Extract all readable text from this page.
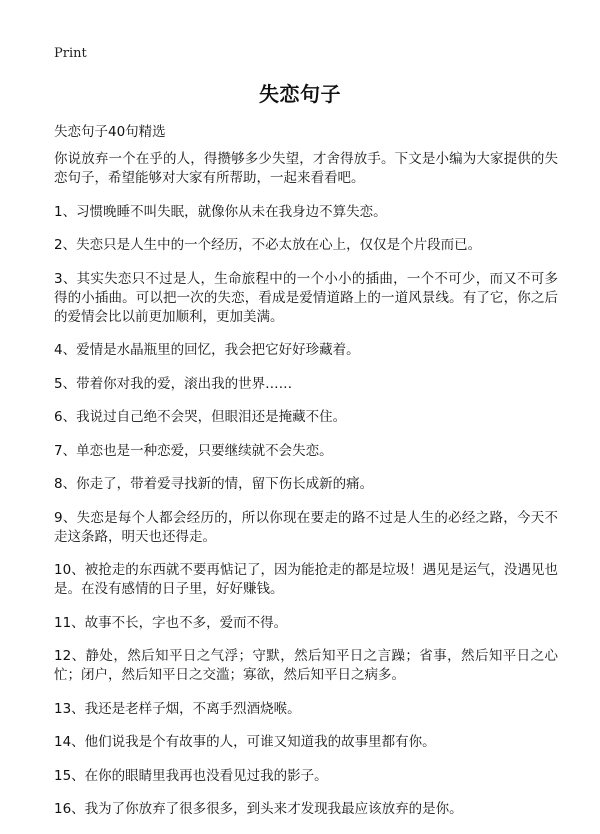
Print
失恋句子

失恋句子40句精选

你说放弃一个在乎的人，得攒够多少失望，才舍得放手。下文是小编为大家提供的失恋句子，希望能够对大家有所帮助，一起来看看吧。

1、习惯晚睡不叫失眠，就像你从未在我身边不算失恋。

2、失恋只是人生中的一个经历，不必太放在心上，仅仅是个片段而已。

3、其实失恋只不过是人，生命旅程中的一个小小的插曲，一个不可少，而又不可多得的小插曲。可以把一次的失恋，看成是爱情道路上的一道风景线。有了它，你之后的爱情会比以前更加顺利，更加美满。

4、爱情是水晶瓶里的回忆，我会把它好好珍藏着。

5、带着你对我的爱，滚出我的世界……

6、我说过自己绝不会哭，但眼泪还是掩藏不住。

7、单恋也是一种恋爱，只要继续就不会失恋。

8、你走了，带着爱寻找新的情，留下伤长成新的痛。

9、失恋是每个人都会经历的，所以你现在要走的路不过是人生的必经之路，今天不走这条路，明天也还得走。

10、被抢走的东西就不要再惦记了，因为能抢走的都是垃圾！遇见是运气，没遇见也是。在没有感情的日子里，好好赚钱。

11、故事不长，字也不多，爱而不得。

12、静处，然后知平日之气浮；守默，然后知平日之言躁；省事，然后知平日之心忙；闭户，然后知平日之交滥；寡欲，然后知平日之病多。

13、我还是老样子烟，不离手烈酒烧喉。

14、他们说我是个有故事的人，可谁又知道我的故事里都有你。

15、在你的眼睛里我再也没看见过我的影子。

16、我为了你放弃了很多很多，到头来才发现我最应该放弃的是你。
